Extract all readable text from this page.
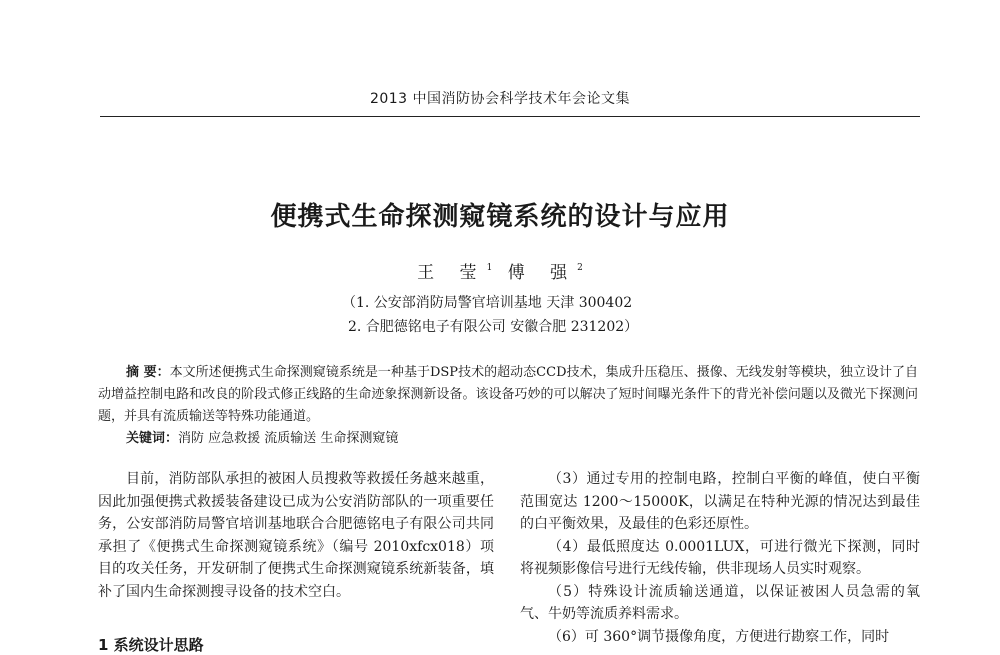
2013 中国消防协会科学技术年会论文集
便携式生命探测窥镜系统的设计与应用
王 莹$^1$ 傅 强$^2$
（1. 公安部消防局警官培训基地 天津 300402
2. 合肥德铭电子有限公司 安徽合肥 231202）
摘 要：本文所述便携式生命探测窥镜系统是一种基于DSP技术的超动态CCD技术，集成升压稳压、摄像、无线发射等模块，独立设计了自动增益控制电路和改良的阶段式修正线路的生命迹象探测新设备。该设备巧妙的可以解决了短时间曝光条件下的背光补偿问题以及微光下探测问题，并具有流质输送等特殊功能通道。
关键词：消防 应急救援 流质输送 生命探测窥镜

目前，消防部队承担的被困人员搜救等救援任务越来越重，因此加强便携式救援装备建设已成为公安消防部队的一项重要任务，公安部消防局警官培训基地联合合肥德铭电子有限公司共同承担了《便携式生命探测窥镜系统》（编号 2010xfcx018）项目的攻关任务，开发研制了便携式生命探测窥镜系统新装备，填补了国内生命探测搜寻设备的技术空白。

1 系统设计思路

（3）通过专用的控制电路，控制白平衡的峰值，使白平衡范围宽达 1200～15000K，以满足在特种光源的情况达到最佳的白平衡效果，及最佳的色彩还原性。

（4）最低照度达 0.0001LUX，可进行微光下探测，同时将视频影像信号进行无线传输，供非现场人员实时观察。

（5）特殊设计流质输送通道，以保证被困人员急需的氧气、牛奶等流质养料需求。

（6）可 360°调节摄像角度，方便进行勘察工作，同时
